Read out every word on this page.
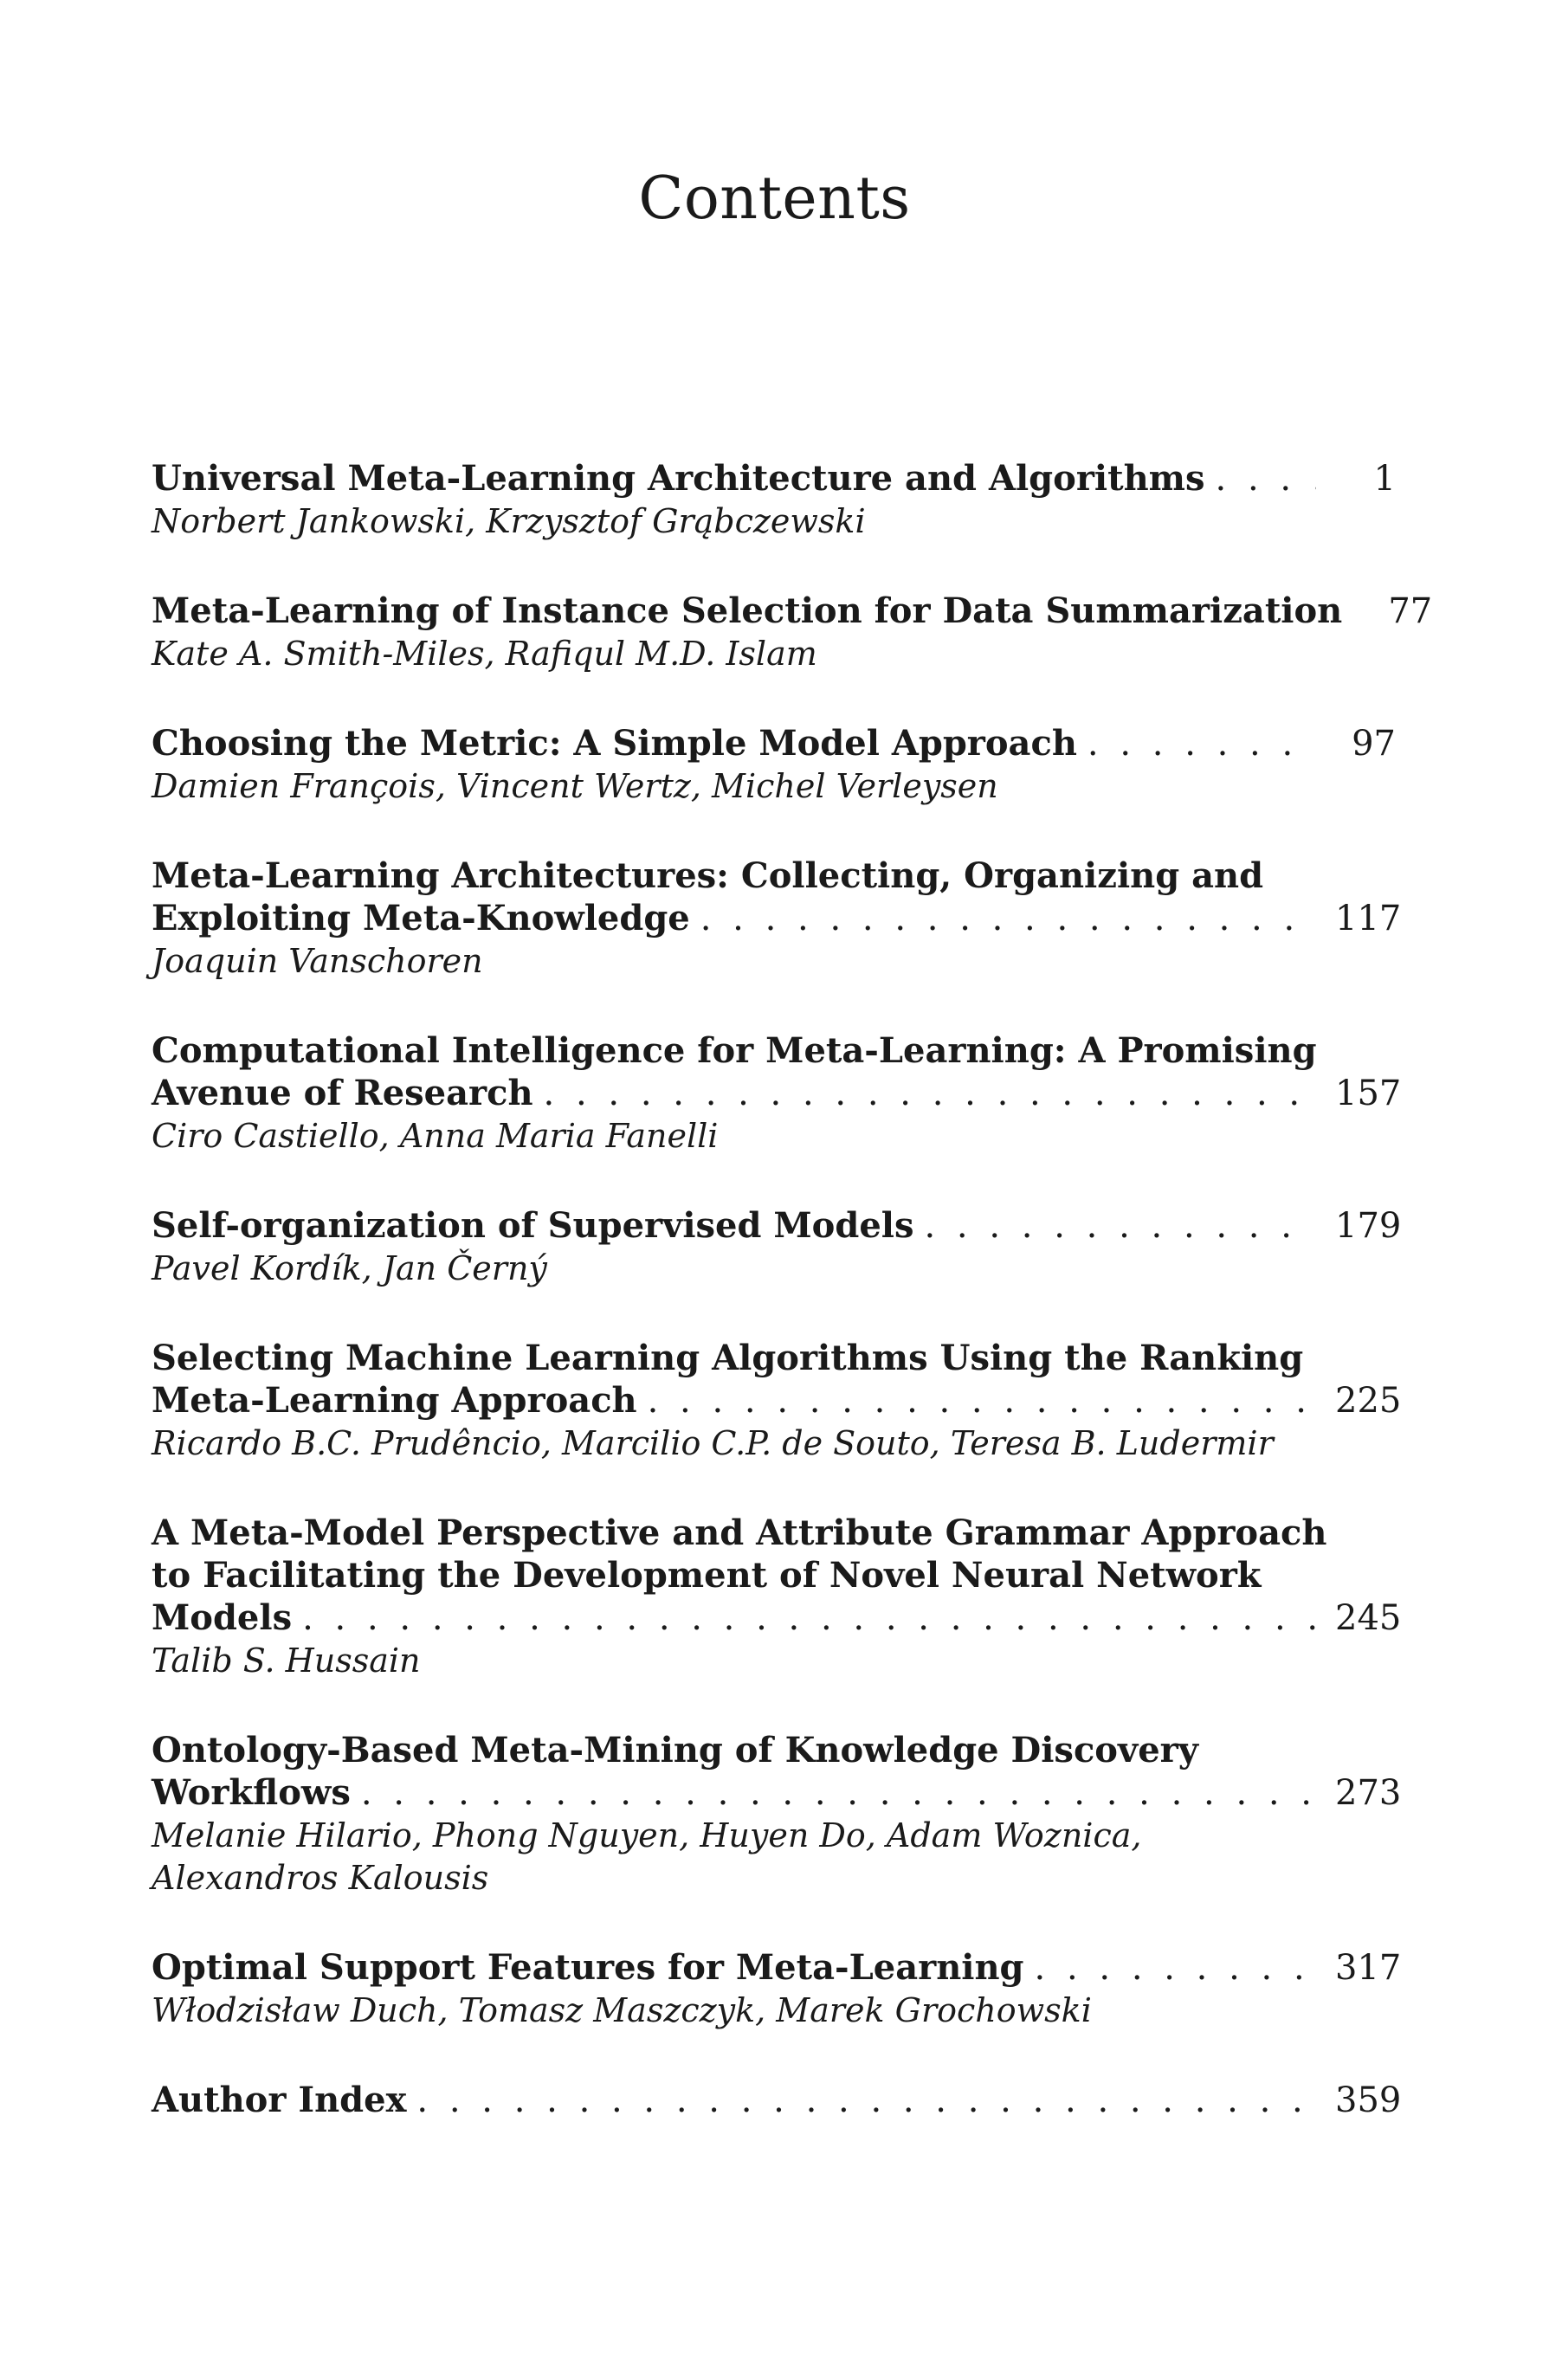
Contents
Universal Meta-Learning Architecture and Algorithms . . .	1
Norbert Jankowski, Krzysztof Grąbczewski
Meta-Learning of Instance Selection for Data Summarization	77
Kate A. Smith-Miles, Rafiqul M.D. Islam
Choosing the Metric: A Simple Model Approach . . .	97
Damien François, Vincent Wertz, Michel Verleysen
Meta-Learning Architectures: Collecting, Organizing and
Exploiting Meta-Knowledge . . .	117
Joaquin Vanschoren
Computational Intelligence for Meta-Learning: A Promising
Avenue of Research . . .	157
Ciro Castiello, Anna Maria Fanelli
Self-organization of Supervised Models . . .	179
Pavel Kordík, Jan Černý
Selecting Machine Learning Algorithms Using the Ranking
Meta-Learning Approach . . .	225
Ricardo B.C. Prudêncio, Marcilio C.P. de Souto, Teresa B. Ludermir
A Meta-Model Perspective and Attribute Grammar Approach
to Facilitating the Development of Novel Neural Network
Models . . .	245
Talib S. Hussain
Ontology-Based Meta-Mining of Knowledge Discovery
Workflows . . .	273
Melanie Hilario, Phong Nguyen, Huyen Do, Adam Woznica,
Alexandros Kalousis
Optimal Support Features for Meta-Learning . . .	317
Włodzisław Duch, Tomasz Maszczyk, Marek Grochowski
Author Index . . .	359
